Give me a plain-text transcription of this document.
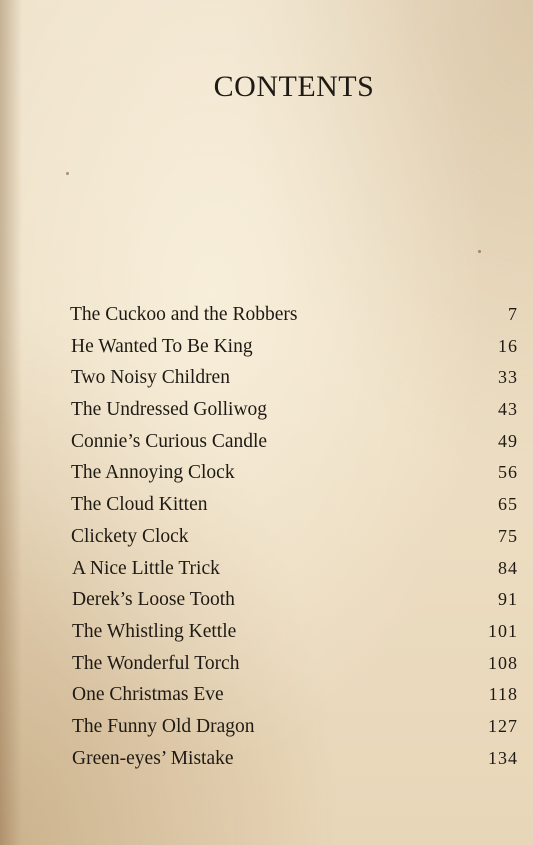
CONTENTS
The Cuckoo and the Robbers	7
He Wanted To Be King	16
Two Noisy Children	33
The Undressed Golliwog	43
Connie’s Curious Candle	49
The Annoying Clock	56
The Cloud Kitten	65
Clickety Clock	75
A Nice Little Trick	84
Derek’s Loose Tooth	91
The Whistling Kettle	101
The Wonderful Torch	108
One Christmas Eve	118
The Funny Old Dragon	127
Green-eyes’ Mistake	134
